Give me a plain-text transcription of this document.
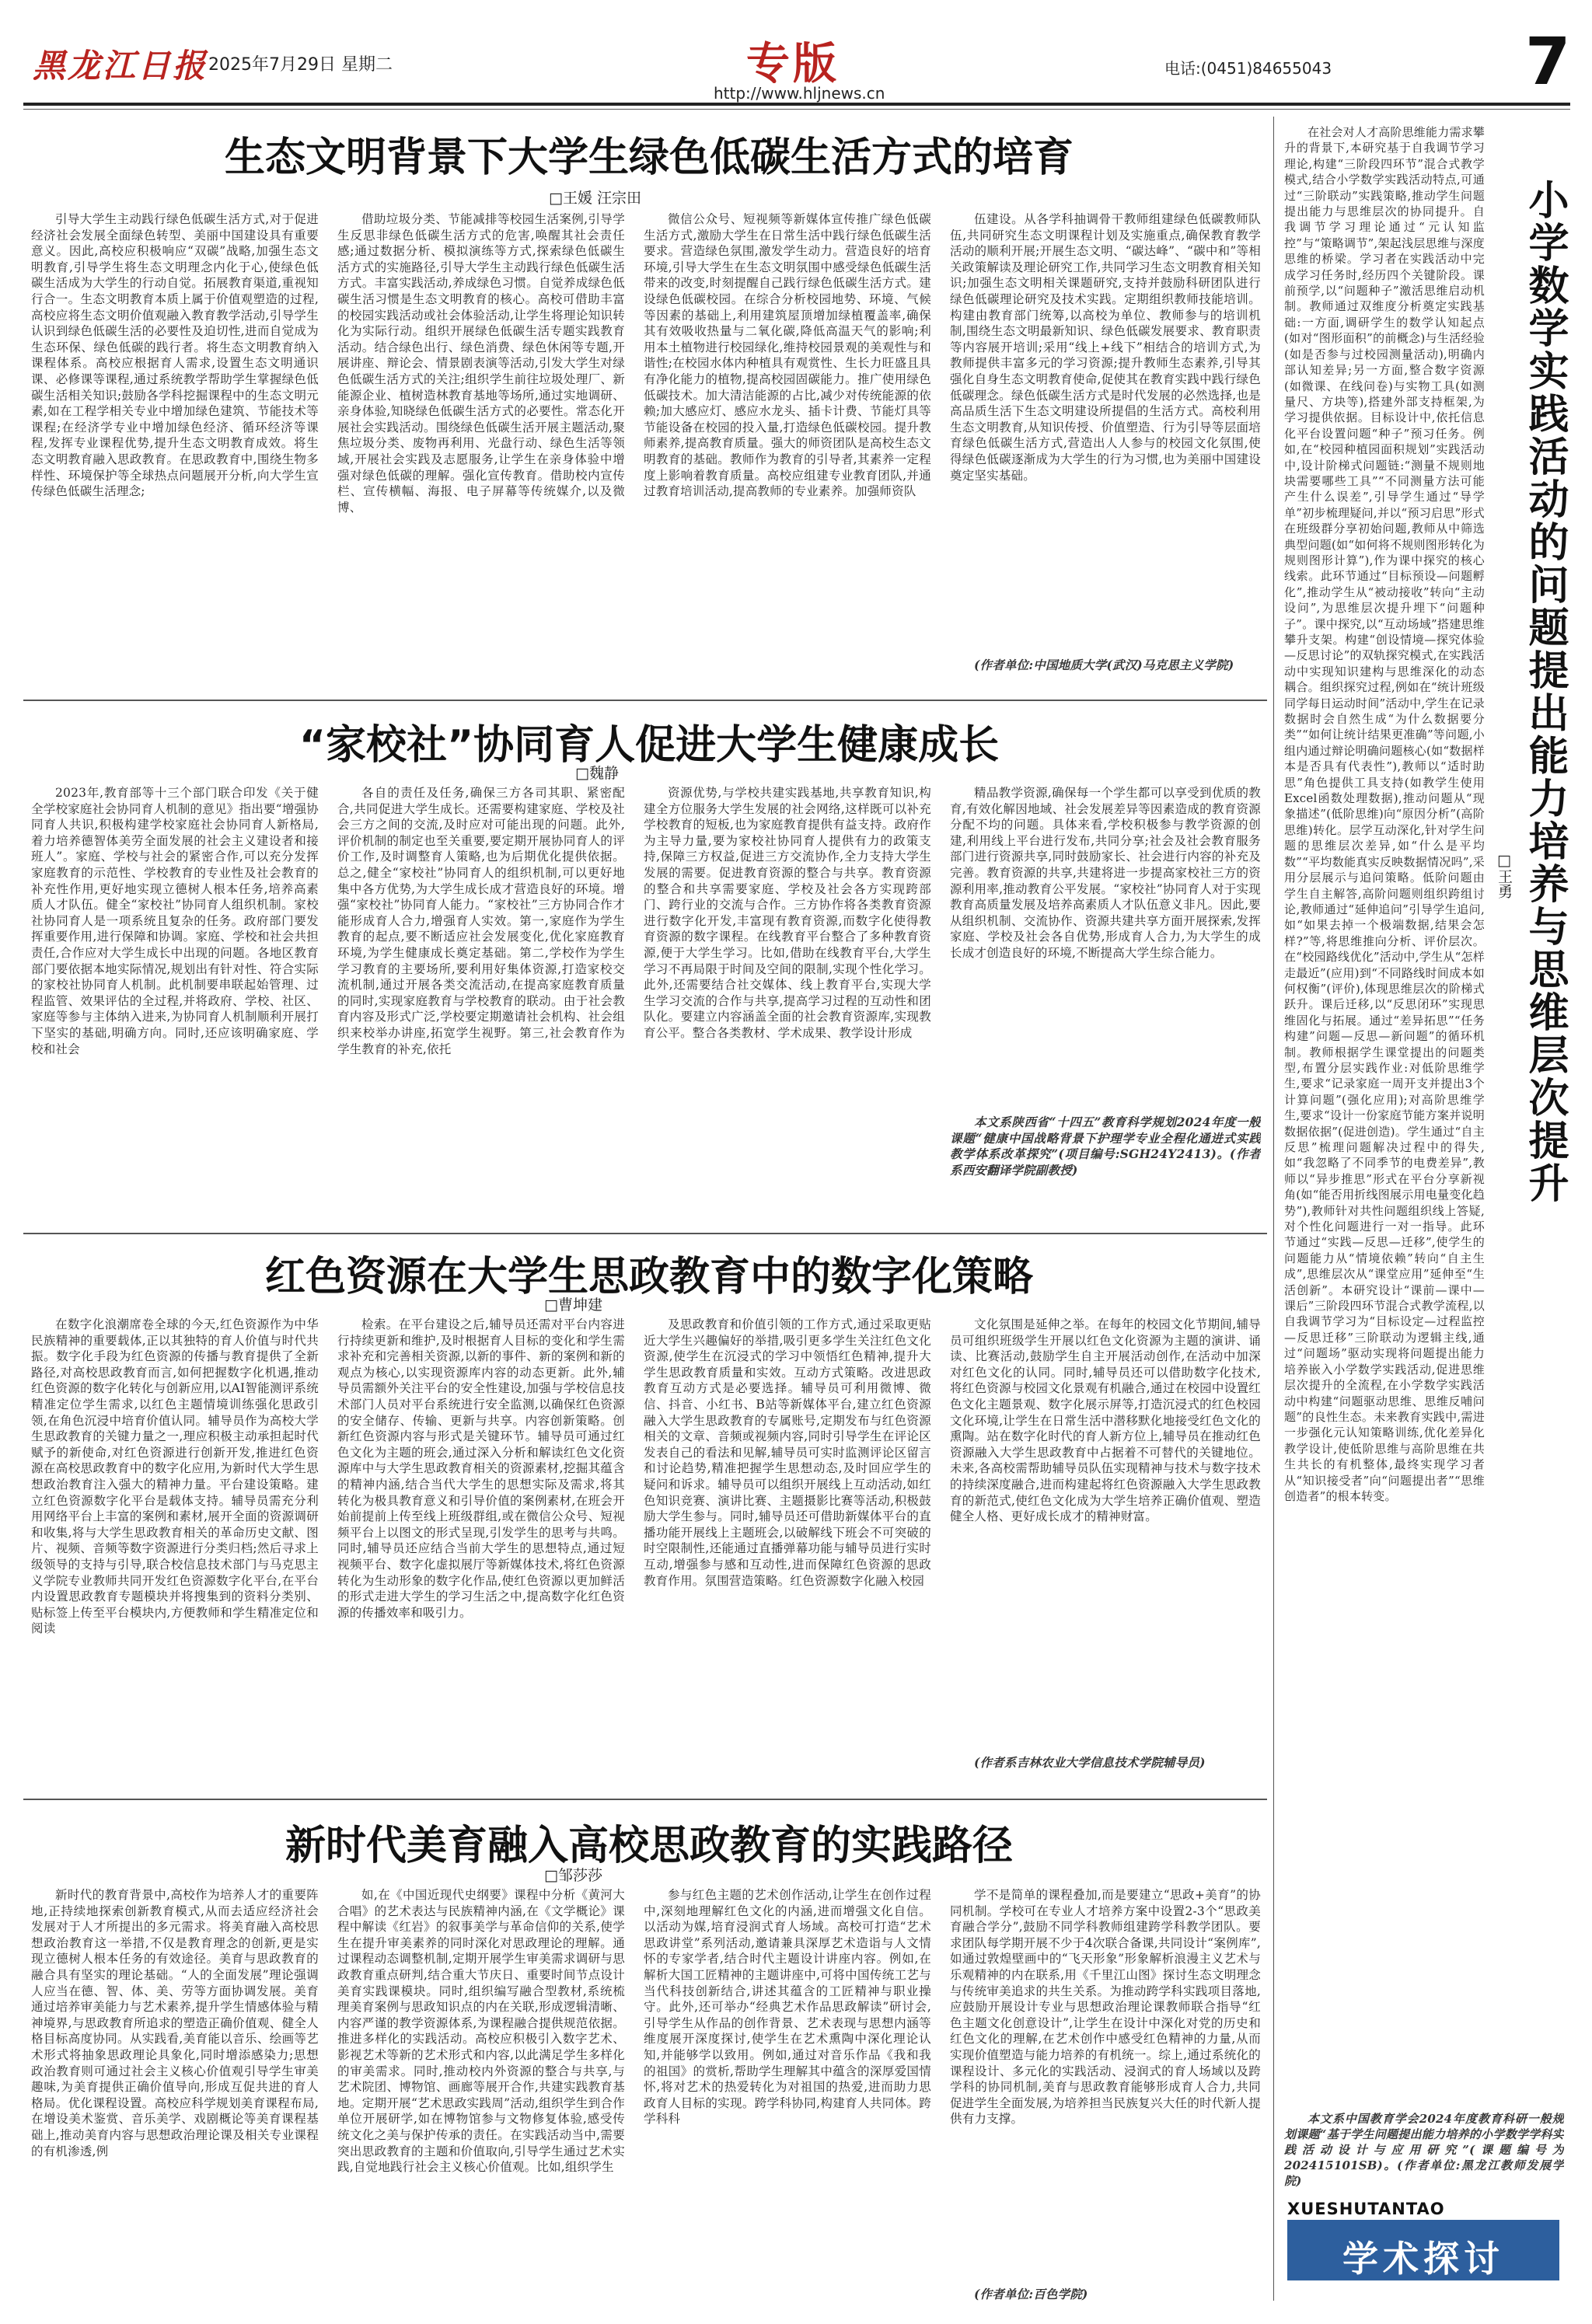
黑龙江日报 2025年7月29日 星期二	专版
http://www.hljnews.cn
电话:(0451)84655043	7
生态文明背景下大学生绿色低碳生活方式的培育
□王媛 汪宗田
引导大学生主动践行绿色低碳生活方式,对于促进经济社会发展全面绿色转型、美丽中国建设具有重要意义。因此,高校应积极响应“双碳”战略,加强生态文明教育,引导学生将生态文明理念内化于心,使绿色低碳生活成为大学生的行动自觉。拓展教育渠道,重视知行合一。生态文明教育本质上属于价值观塑造的过程,高校应将生态文明价值观融入教育教学活动,引导学生认识到绿色低碳生活的必要性及迫切性,进而自觉成为生态环保、绿色低碳的践行者。将生态文明教育纳入课程体系。高校应根据育人需求,设置生态文明通识课、必修课等课程,通过系统教学帮助学生掌握绿色低碳生活相关知识;鼓励各学科挖掘课程中的生态文明元素,如在工程学相关专业中增加绿色建筑、节能技术等课程;在经济学专业中增加绿色经济、循环经济等课程,发挥专业课程优势,提升生态文明教育成效。将生态文明教育融入思政教育。在思政教育中,围绕生物多样性、环境保护等全球热点问题展开分析,向大学生宣传绿色低碳生活理念;
借助垃圾分类、节能减排等校园生活案例,引导学生反思非绿色低碳生活方式的危害,唤醒其社会责任感;通过数据分析、模拟演练等方式,探索绿色低碳生活方式的实施路径,引导大学生主动践行绿色低碳生活方式。丰富实践活动,养成绿色习惯。自觉养成绿色低碳生活习惯是生态文明教育的核心。高校可借助丰富的校园实践活动或社会体验活动,让学生将理论知识转化为实际行动。组织开展绿色低碳生活专题实践教育活动。结合绿色出行、绿色消费、绿色休闲等专题,开展讲座、辩论会、情景剧表演等活动,引发大学生对绿色低碳生活方式的关注;组织学生前往垃圾处理厂、新能源企业、植树造林教育基地等场所,通过实地调研、亲身体验,知晓绿色低碳生活方式的必要性。常态化开展社会实践活动。围绕绿色低碳生活开展主题活动,聚焦垃圾分类、废物再利用、光盘行动、绿色生活等领域,开展社会实践及志愿服务,让学生在亲身体验中增强对绿色低碳的理解。强化宣传教育。借助校内宣传栏、宣传横幅、海报、电子屏幕等传统媒介,以及微博、
微信公众号、短视频等新媒体宣传推广绿色低碳生活方式,激励大学生在日常生活中践行绿色低碳生活要求。营造绿色氛围,激发学生动力。营造良好的培育环境,引导大学生在生态文明氛围中感受绿色低碳生活带来的改变,时刻提醒自己践行绿色低碳生活方式。建设绿色低碳校园。在综合分析校园地势、环境、气候等因素的基础上,利用建筑屋顶增加绿植覆盖率,确保其有效吸收热量与二氧化碳,降低高温天气的影响;利用本土植物进行校园绿化,维持校园景观的美观性与和谐性;在校园水体内种植具有观赏性、生长力旺盛且具有净化能力的植物,提高校园固碳能力。推广使用绿色低碳技术。加大清洁能源的占比,减少对传统能源的依赖;加大感应灯、感应水龙头、插卡计费、节能灯具等节能设备在校园的投入量,打造绿色低碳校园。提升教师素养,提高教育质量。强大的师资团队是高校生态文明教育的基础。教师作为教育的引导者,其素养一定程度上影响着教育质量。高校应组建专业教育团队,并通过教育培训活动,提高教师的专业素养。加强师资队
伍建设。从各学科抽调骨干教师组建绿色低碳教师队伍,共同研究生态文明课程计划及实施重点,确保教育教学活动的顺利开展;开展生态文明、“碳达峰”、“碳中和”等相关政策解读及理论研究工作,共同学习生态文明教育相关知识;加强生态文明相关课题研究,支持并鼓励科研团队进行绿色低碳理论研究及技术实践。定期组织教师技能培训。构建由教育部门统筹,以高校为单位、教师参与的培训机制,围绕生态文明最新知识、绿色低碳发展要求、教育职责等内容展开培训;采用“线上+线下”相结合的培训方式,为教师提供丰富多元的学习资源;提升教师生态素养,引导其强化自身生态文明教育使命,促使其在教育实践中践行绿色低碳理念。绿色低碳生活方式是时代发展的必然选择,也是高品质生活下生态文明建设所提倡的生活方式。高校利用生态文明教育,从知识传授、价值塑造、行为引导等层面培育绿色低碳生活方式,营造出人人参与的校园文化氛围,使得绿色低碳逐渐成为大学生的行为习惯,也为美丽中国建设奠定坚实基础。
(作者单位:中国地质大学(武汉)马克思主义学院)
“家校社”协同育人促进大学生健康成长
□魏静
2023年,教育部等十三个部门联合印发《关于健全学校家庭社会协同育人机制的意见》指出要“增强协同育人共识,积极构建学校家庭社会协同育人新格局,着力培养德智体美劳全面发展的社会主义建设者和接班人”。家庭、学校与社会的紧密合作,可以充分发挥家庭教育的示范性、学校教育的专业性及社会教育的补充性作用,更好地实现立德树人根本任务,培养高素质人才队伍。健全“家校社”协同育人组织机制。家校社协同育人是一项系统且复杂的任务。政府部门要发挥重要作用,进行保障和协调。家庭、学校和社会共担责任,合作应对大学生成长中出现的问题。各地区教育部门要依据本地实际情况,规划出有针对性、符合实际的家校社协同育人机制。此机制要串联起始管理、过程监管、效果评估的全过程,并将政府、学校、社区、家庭等参与主体纳入进来,为协同育人机制顺利开展打下坚实的基础,明确方向。同时,还应该明确家庭、学校和社会
各自的责任及任务,确保三方各司其职、紧密配合,共同促进大学生成长。还需要构建家庭、学校及社会三方之间的交流,及时应对可能出现的问题。此外,评价机制的制定也至关重要,要定期开展协同育人的评价工作,及时调整育人策略,也为后期优化提供依据。总之,健全“家校社”协同育人的组织机制,可以更好地集中各方优势,为大学生成长成才营造良好的环境。增强“家校社”协同育人能力。“家校社”三方协同合作才能形成育人合力,增强育人实效。第一,家庭作为学生教育的起点,要不断适应社会发展变化,优化家庭教育环境,为学生健康成长奠定基础。第二,学校作为学生学习教育的主要场所,要利用好集体资源,打造家校交流机制,通过开展各类交流活动,在提高家庭教育质量的同时,实现家庭教育与学校教育的联动。由于社会教育内容及形式广泛,学校要定期邀请社会机构、社会组织来校举办讲座,拓宽学生视野。第三,社会教育作为学生教育的补充,依托
资源优势,与学校共建实践基地,共享教育知识,构建全方位服务大学生发展的社会网络,这样既可以补充学校教育的短板,也为家庭教育提供有益支持。政府作为主导力量,要为家校社协同育人提供有力的政策支持,保障三方权益,促进三方交流协作,全力支持大学生发展的需要。促进教育资源的整合与共享。教育资源的整合和共享需要家庭、学校及社会各方实现跨部门、跨行业的交流与合作。三方协作将各类教育资源进行数字化开发,丰富现有教育资源,而数字化使得教育资源的数字课程。在线教育平台整合了多种教育资源,便于大学生学习。比如,借助在线教育平台,大学生学习不再局限于时间及空间的限制,实现个性化学习。此外,还需要结合社交媒体、线上教育平台,实现大学生学习交流的合作与共享,提高学习过程的互动性和团队化。要建立内容涵盖全面的社会教育资源库,实现教育公平。整合各类教材、学术成果、教学设计形成
精品教学资源,确保每一个学生都可以享受到优质的教育,有效化解因地域、社会发展差异等因素造成的教育资源分配不均的问题。具体来看,学校积极参与教学资源的创建,利用线上平台进行发布,共同分享;社会及社会教育服务部门进行资源共享,同时鼓励家长、社会进行内容的补充及完善。教育资源的共享,共建将进一步提高家校社三方的资源利用率,推动教育公平发展。“家校社”协同育人对于实现教育高质量发展及培养高素质人才队伍意义非凡。因此,要从组织机制、交流协作、资源共建共享方面开展探索,发挥家庭、学校及社会各自优势,形成育人合力,为大学生的成长成才创造良好的环境,不断提高大学生综合能力。
本文系陕西省“十四五”教育科学规划2024年度一般课题“健康中国战略背景下护理学专业全程化通进式实践教学体系改革探究”(项目编号:SGH24Y2413)。(作者系西安翻译学院副教授)
红色资源在大学生思政教育中的数字化策略
□曹坤建
在数字化浪潮席卷全球的今天,红色资源作为中华民族精神的重要载体,正以其独特的育人价值与时代共振。数字化手段为红色资源的传播与教育提供了全新路径,对高校思政教育而言,如何把握数字化机遇,推动红色资源的数字化转化与创新应用,以AI智能测评系统精准定位学生需求,以红色主题情境训练强化思政引领,在角色沉浸中培育价值认同。辅导员作为高校大学生思政教育的关键力量之一,理应积极主动承担起时代赋予的新使命,对红色资源进行创新开发,推进红色资源在高校思政教育中的数字化应用,为新时代大学生思想政治教育注入强大的精神力量。平台建设策略。建立红色资源数字化平台是载体支持。辅导员需充分利用网络平台上丰富的案例和素材,展开全面的资源调研和收集,将与大学生思政教育相关的革命历史文献、图片、视频、音频等数字资源进行分类归档;然后寻求上级领导的支持与引导,联合校信息技术部门与马克思主义学院专业教师共同开发红色资源数字化平台,在平台内设置思政教育专题模块并将搜集到的资料分类别、贴标签上传至平台模块内,方便教师和学生精准定位和阅读
检索。在平台建设之后,辅导员还需对平台内容进行持续更新和维护,及时根据育人目标的变化和学生需求补充和完善相关资源,以新的事件、新的案例和新的观点为核心,以实现资源库内容的动态更新。此外,辅导员需额外关注平台的安全性建设,加强与学校信息技术部门人员对平台系统进行安全监测,以确保红色资源的安全储存、传输、更新与共享。内容创新策略。创新红色资源内容与形式是关键环节。辅导员可通过红色文化为主题的班会,通过深入分析和解读红色文化资源库中与大学生思政教育相关的资源素材,挖掘其蕴含的精神内涵,结合当代大学生的思想实际及需求,将其转化为极具教育意义和引导价值的案例素材,在班会开始前提前上传至线上班级群组,或在微信公众号、短视频平台上以图文的形式呈现,引发学生的思考与共鸣。同时,辅导员还应结合当前大学生的思想特点,通过短视频平台、数字化虚拟展厅等新媒体技术,将红色资源转化为生动形象的数字化作品,使红色资源以更加鲜活的形式走进大学生的学习生活之中,提高数字化红色资源的传播效率和吸引力。
及思政教育和价值引领的工作方式,通过采取更贴近大学生兴趣偏好的举措,吸引更多学生关注红色文化资源,使学生在沉浸式的学习中领悟红色精神,提升大学生思政教育质量和实效。互动方式策略。改进思政教育互动方式是必要选择。辅导员可利用微博、微信、抖音、小红书、B站等新媒体平台,建立红色资源融入大学生思政教育的专属账号,定期发布与红色资源相关的文章、音频或视频内容,同时引导学生在评论区发表自己的看法和见解,辅导员可实时监测评论区留言和讨论趋势,精准把握学生思想动态,及时回应学生的疑问和诉求。辅导员可以组织开展线上互动活动,如红色知识竞赛、演讲比赛、主题摄影比赛等活动,积极鼓励大学生参与。同时,辅导员还可借助新媒体平台的直播功能开展线上主题班会,以破解线下班会不可突破的时空限制性,还能通过直播弹幕功能与辅导员进行实时互动,增强参与感和互动性,进而保障红色资源的思政教育作用。氛围营造策略。红色资源数字化融入校园
文化氛围是延伸之举。在每年的校园文化节期间,辅导员可组织班级学生开展以红色文化资源为主题的演讲、诵读、比赛活动,鼓励学生自主开展活动创作,在活动中加深对红色文化的认同。同时,辅导员还可以借助数字化技术,将红色资源与校园文化景观有机融合,通过在校园中设置红色文化主题景观、数字化展示屏等,打造沉浸式的红色校园文化环境,让学生在日常生活中潜移默化地接受红色文化的熏陶。站在数字化时代的育人新方位上,辅导员在推动红色资源融入大学生思政教育中占据着不可替代的关键地位。未来,各高校需帮助辅导员队伍实现精神与技术与数字技术的持续深度融合,进而构建起将红色资源融入大学生思政教育的新范式,使红色文化成为大学生培养正确价值观、塑造健全人格、更好成长成才的精神财富。
(作者系吉林农业大学信息技术学院辅导员)
新时代美育融入高校思政教育的实践路径
□邹莎莎
新时代的教育背景中,高校作为培养人才的重要阵地,正持续地探索创新教育模式,从而去适应经济社会发展对于人才所提出的多元需求。将美育融入高校思想政治教育这一举措,不仅是教育理念的创新,更是实现立德树人根本任务的有效途径。美育与思政教育的融合具有坚实的理论基础。“人的全面发展”理论强调人应当在德、智、体、美、劳等方面协调发展。美育通过培养审美能力与艺术素养,提升学生情感体验与精神境界,与思政教育所追求的塑造正确价值观、健全人格目标高度协同。从实践看,美育能以音乐、绘画等艺术形式将抽象思政理论具象化,同时增添感染力;思想政治教育则可通过社会主义核心价值观引导学生审美趣味,为美育提供正确价值导向,形成互促共进的育人格局。优化课程设置。高校应科学规划美育课程布局,在增设美术鉴赏、音乐美学、戏剧概论等美育课程基础上,推动美育内容与思想政治理论课及相关专业课程的有机渗透,例
如,在《中国近现代史纲要》课程中分析《黄河大合唱》的艺术表达与民族精神内涵,在《文学概论》课程中解读《红岩》的叙事美学与革命信仰的关系,使学生在提升审美素养的同时深化对思政理论的理解。通过课程动态调整机制,定期开展学生审美需求调研与思政教育重点研判,结合重大节庆日、重要时间节点设计美育实践课模块。同时,组织编写融合型教材,系统梳理美育案例与思政知识点的内在关联,形成逻辑清晰、内容严谨的教学资源体系,为课程融合提供规范依据。推进多样化的实践活动。高校应积极引入数字艺术、影视艺术等新的艺术形式和内容,以此满足学生多样化的审美需求。同时,推动校内外资源的整合与共享,与艺术院团、博物馆、画廊等展开合作,共建实践教育基地。定期开展“艺术思政实践周”活动,组织学生到合作单位开展研学,如在博物馆参与文物修复体验,感受传统文化之美与保护传承的责任。在实践活动当中,需要突出思政教育的主题和价值取向,引导学生通过艺术实践,自觉地践行社会主义核心价值观。比如,组织学生
参与红色主题的艺术创作活动,让学生在创作过程中,深刻地理解红色文化的内涵,进而增强文化自信。以活动为媒,培育浸润式育人场域。高校可打造“艺术思政讲堂”系列活动,邀请兼具深厚艺术造诣与人文情怀的专家学者,结合时代主题设计讲座内容。例如,在解析大国工匠精神的主题讲座中,可将中国传统工艺与当代科技创新结合,讲述其蕴含的工匠精神与职业操守。此外,还可举办“经典艺术作品思政解读”研讨会,引导学生从作品的创作背景、艺术表现与思想内涵等维度展开深度探讨,使学生在艺术熏陶中深化理论认知,并能够学以致用。例如,通过对音乐作品《我和我的祖国》的赏析,帮助学生理解其中蕴含的深厚爱国情怀,将对艺术的热爱转化为对祖国的热爱,进而助力思政育人目标的实现。跨学科协同,构建育人共同体。跨学科科
学不是简单的课程叠加,而是要建立“思政+美育”的协同机制。学校可在专业人才培养方案中设置2-3个“思政美育融合学分”,鼓励不同学科教师组建跨学科教学团队。要求团队每学期开展不少于4次联合备课,共同设计“案例库”,如通过敦煌壁画中的“飞天形象”形象解析浪漫主义艺术与乐观精神的内在联系,用《千里江山图》探讨生态文明理念与传统审美追求的共生关系。为推动跨学科实践项目落地,应鼓励开展设计专业与思想政治理论课教师联合指导“红色主题文化创意设计”,让学生在设计中深化对党的历史和红色文化的理解,在艺术创作中感受红色精神的力量,从而实现价值塑造与能力培养的有机统一。综上,通过系统化的课程设计、多元化的实践活动、浸润式的育人场域以及跨学科的协同机制,美育与思政教育能够形成育人合力,共同促进学生全面发展,为培养担当民族复兴大任的时代新人提供有力支撑。
(作者单位:百色学院)
小学数学实践活动的问题提出能力培养与思维层次提升
□王勇
在社会对人才高阶思维能力需求攀升的背景下,本研究基于自我调节学习理论,构建“三阶段四环节”混合式教学模式,结合小学数学实践活动特点,可通过“三阶联动”实践策略,推动学生问题提出能力与思维层次的协同提升。自我调节学习理论通过“元认知监控”与“策略调节”,架起浅层思维与深度思维的桥梁。学习者在实践活动中完成学习任务时,经历四个关键阶段。课前预学,以“问题种子”激活思维启动机制。教师通过双维度分析奠定实践基础:一方面,调研学生的数学认知起点(如对“图形面积”的前概念)与生活经验(如是否参与过校园测量活动),明确内部认知差异;另一方面,整合数字资源(如微课、在线问卷)与实物工具(如测量尺、方块等),搭建外部支持框架,为学习提供依据。目标设计中,依托信息化平台设置问题“种子”预习任务。例如,在“校园种植园面积规划”实践活动中,设计阶梯式问题链:“测量不规则地块需要哪些工具”“不同测量方法可能产生什么误差”,引导学生通过“导学单”初步梳理疑问,并以“预习启思”形式在班级群分享初始问题,教师从中筛选典型问题(如“如何将不规则图形转化为规则图形计算”),作为课中探究的核心线索。此环节通过“目标预设—问题孵化”,推动学生从“被动接收”转向“主动设问”,为思维层次提升埋下“问题种子”。课中探究,以“互动场域”搭建思维攀升支架。构建“创设情境—探究体验—反思讨论”的双轨探究模式,在实践活动中实现知识建构与思维深化的动态耦合。组织探究过程,例如在“统计班级同学每日运动时间”活动中,学生在记录数据时会自然生成“为什么数据要分类”“如何让统计结果更准确”等问题,小组内通过辩论明确问题核心(如“数据样本是否具有代表性”),教师以“适时助思”角色提供工具支持(如教学生使用Excel函数处理数据),推动问题从“现象描述”(低阶思维)向“原因分析”(高阶思维)转化。层学互动深化,针对学生问题的思维层次差异,如“什么是平均数”“平均数能真实反映数据情况吗”,采用分层展示与追问策略。低阶问题由学生自主解答,高阶问题则组织跨组讨论,教师通过“延伸追问”引导学生追问,如“如果去掉一个极端数据,结果会怎样?”等,将思维推向分析、评价层次。在“校园路线优化”活动中,学生从“怎样走最近”(应用)到“不同路线时间成本如何权衡”(评价),体现思维层次的阶梯式跃升。课后迁移,以“反思闭环”实现思维固化与拓展。通过“差异拓思”“任务构建”问题—反思—新问题”的循环机制。教师根据学生课堂提出的问题类型,布置分层实践作业:对低阶思维学生,要求“记录家庭一周开支并提出3个计算问题”(强化应用);对高阶思维学生,要求“设计一份家庭节能方案并说明数据依据”(促进创造)。学生通过“自主反思”梳理问题解决过程中的得失,如“我忽略了不同季节的电费差异”,教师以“异步推思”形式在平台分享新视角(如“能否用折线图展示用电量变化趋势”),教师针对共性问题组织线上答疑,对个性化问题进行一对一指导。此环节通过“实践—反思—迁移”,使学生的问题能力从“情境依赖”转向“自主生成”,思维层次从“课堂应用”延伸至“生活创新”。本研究设计“课前—课中—课后”三阶段四环节混合式教学流程,以自我调节学习为“目标设定—过程监控—反思迁移”三阶联动为逻辑主线,通过“问题场”驱动实现将问题提出能力培养嵌入小学数学实践活动,促进思维层次提升的全流程,在小学数学实践活动中构建“问题驱动思维、思维反哺问题”的良性生态。未来教育实践中,需进一步强化元认知策略训练,优化差异化教学设计,使低阶思维与高阶思维在共生共长的有机整体,最终实现学习者从“知识接受者”向“问题提出者”“思维创造者”的根本转变。
本文系中国教育学会2024年度教育科研一般规划课题“基于学生问题提出能力培养的小学数学学科实践活动设计与应用研究”(课题编号为202415101SB)。(作者单位:黑龙江教师发展学院)
XUESHUTANTAO
学术探讨
